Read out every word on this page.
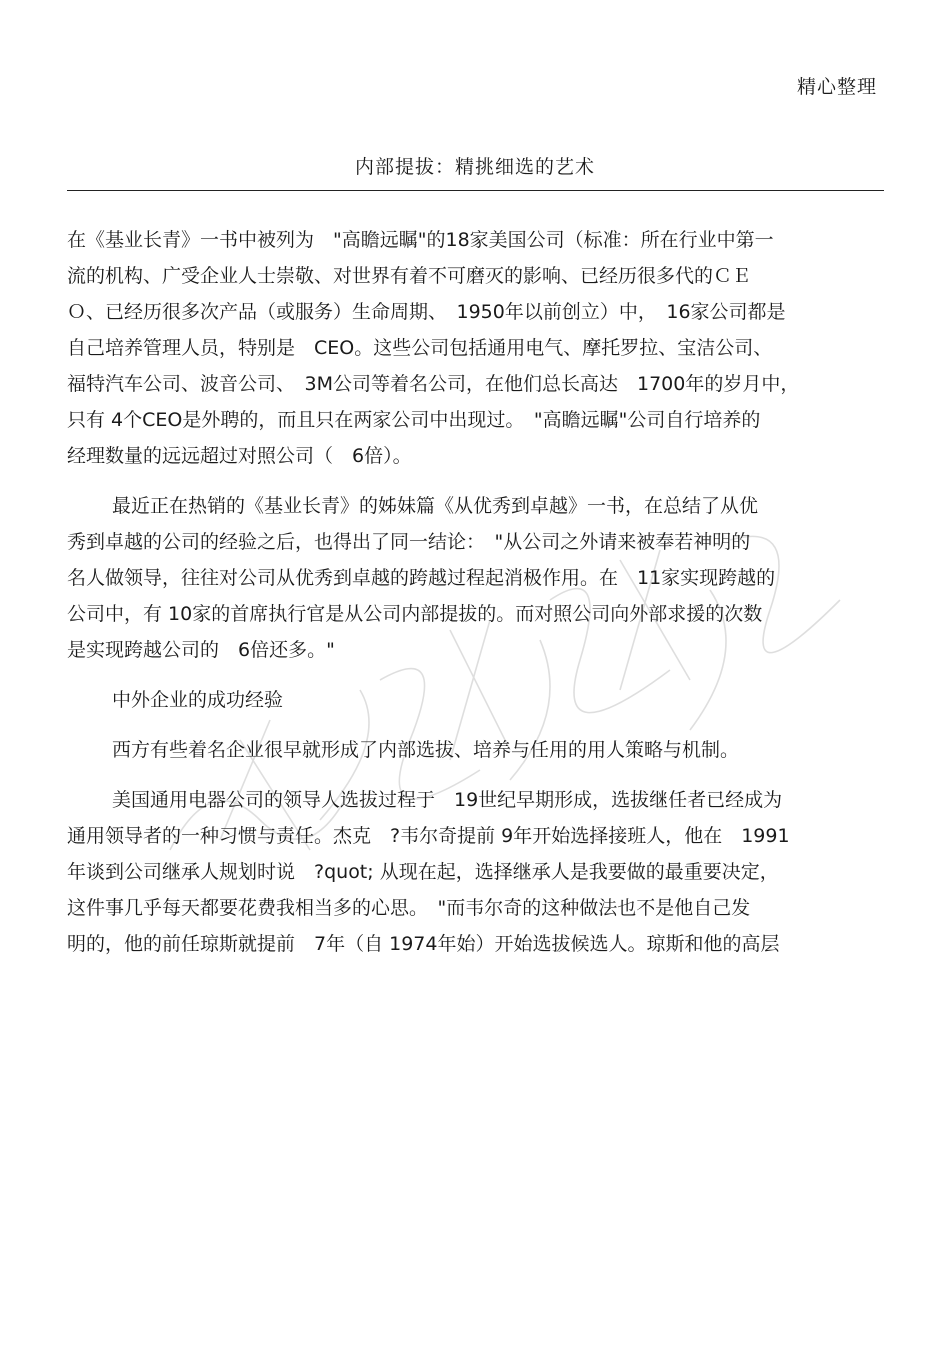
精心整理
内部提拔：精挑细选的艺术
在《基业长青》一书中被列为　"高瞻远瞩"的18家美国公司（标准：所在行业中第一
流的机构、广受企业人士崇敬、对世界有着不可磨灭的影响、已经历很多代的ＣＥ
Ｏ、已经历很多次产品（或服务）生命周期、　1950年以前创立）中，　16家公司都是
自己培养管理人员，特别是　CEO。这些公司包括通用电气、摩托罗拉、宝洁公司、
福特汽车公司、波音公司、　3M公司等着名公司，在他们总长高达　1700年的岁月中，
只有 4个CEO是外聘的，而且只在两家公司中出现过。　"高瞻远瞩"公司自行培养的
经理数量的远远超过对照公司（　6倍）。
最近正在热销的《基业长青》的姊妹篇《从优秀到卓越》一书，在总结了从优
秀到卓越的公司的经验之后，也得出了同一结论：　"从公司之外请来被奉若神明的
名人做领导，往往对公司从优秀到卓越的跨越过程起消极作用。在　11家实现跨越的
公司中，有 10家的首席执行官是从公司内部提拔的。而对照公司向外部求援的次数
是实现跨越公司的　6倍还多。"
中外企业的成功经验
西方有些着名企业很早就形成了内部选拔、培养与任用的用人策略与机制。
美国通用电器公司的领导人选拔过程于　19世纪早期形成，选拔继任者已经成为
通用领导者的一种习惯与责任。杰克　?韦尔奇提前 9年开始选择接班人，他在　1991
年谈到公司继承人规划时说　?quot; 从现在起，选择继承人是我要做的最重要决定，
这件事几乎每天都要花费我相当多的心思。　"而韦尔奇的这种做法也不是他自己发
明的，他的前任琼斯就提前　7年（自 1974年始）开始选拔候选人。琼斯和他的高层
